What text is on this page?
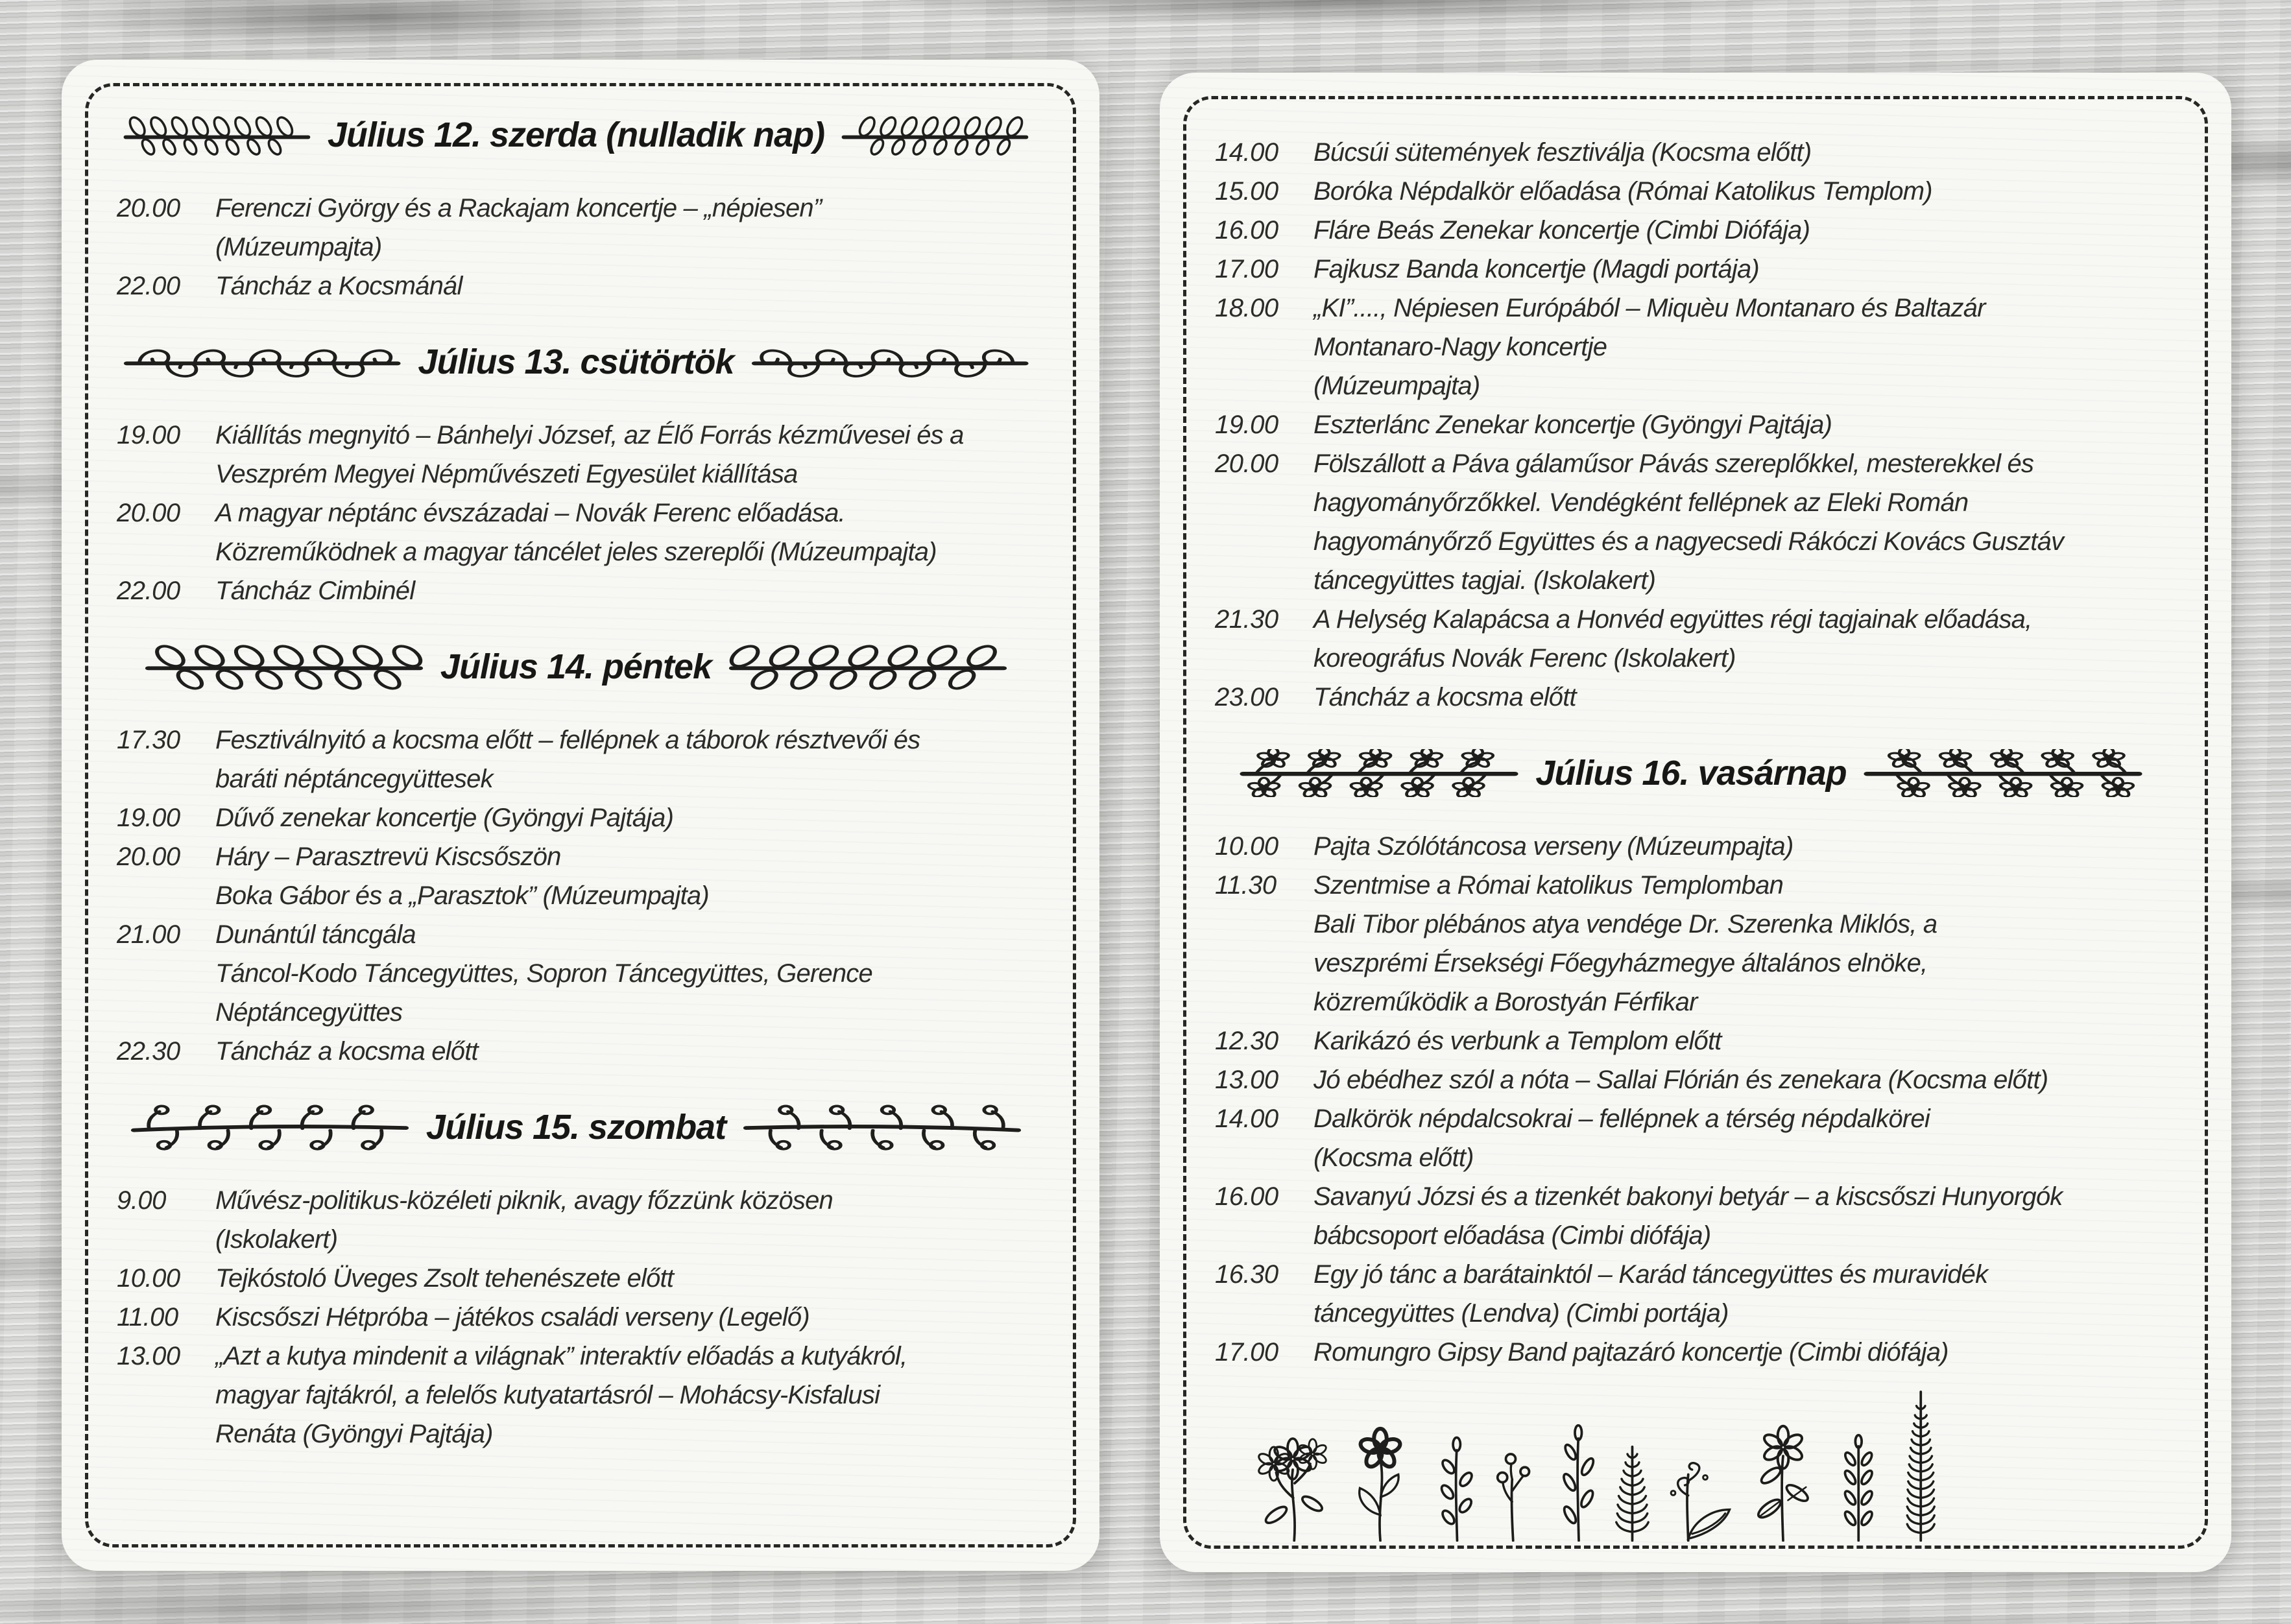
Július 12. szerda (nulladik nap)
20.00	Ferenczi György és a Rackajam koncertje – „népiesen”
(Múzeumpajta)
22.00	Táncház a Kocsmánál
Július 13. csütörtök
19.00	Kiállítás megnyitó – Bánhelyi József, az Élő Forrás kézművesei és a
Veszprém Megyei Népművészeti Egyesület kiállítása
20.00	A magyar néptánc évszázadai – Novák Ferenc előadása.
Közreműködnek a magyar táncélet jeles szereplői (Múzeumpajta)
22.00	Táncház Cimbinél
Július 14. péntek
17.30	Fesztiválnyitó a kocsma előtt – fellépnek a táborok résztvevői és
baráti néptáncegyüttesek
19.00	Dűvő zenekar koncertje (Gyöngyi Pajtája)
20.00	Háry – Parasztrevü Kiscsőszön
Boka Gábor és a „Parasztok” (Múzeumpajta)
21.00	Dunántúl táncgála
Táncol-Kodo Táncegyüttes, Sopron Táncegyüttes, Gerence
Néptáncegyüttes
22.30	Táncház a kocsma előtt
Július 15. szombat
9.00	Művész-politikus-közéleti piknik, avagy főzzünk közösen
(Iskolakert)
10.00	Tejkóstoló Üveges Zsolt tehenészete előtt
11.00	Kiscsőszi Hétpróba – játékos családi verseny (Legelő)
13.00	„Azt a kutya mindenit a világnak” interaktív előadás a kutyákról,
magyar fajtákról, a felelős kutyatartásról – Mohácsy-Kisfalusi
Renáta (Gyöngyi Pajtája)
14.00	Búcsúi sütemények fesztiválja (Kocsma előtt)
15.00	Boróka Népdalkör előadása (Római Katolikus Templom)
16.00	Fláre Beás Zenekar koncertje (Cimbi Diófája)
17.00	Fajkusz Banda koncertje (Magdi portája)
18.00	„KI”...., Népiesen Európából – Miquèu Montanaro és Baltazár
Montanaro-Nagy koncertje
(Múzeumpajta)
19.00	Eszterlánc Zenekar koncertje (Gyöngyi Pajtája)
20.00	Fölszállott a Páva gálaműsor Pávás szereplőkkel, mesterekkel és
hagyományőrzőkkel. Vendégként fellépnek az Eleki Román
hagyományőrző Együttes és a nagyecsedi Rákóczi Kovács Gusztáv
táncegyüttes tagjai. (Iskolakert)
21.30	A Helység Kalapácsa a Honvéd együttes régi tagjainak előadása,
koreográfus Novák Ferenc (Iskolakert)
23.00	Táncház a kocsma előtt
Július 16. vasárnap
10.00	Pajta Szólótáncosa verseny (Múzeumpajta)
11.30	Szentmise a Római katolikus Templomban
Bali Tibor plébános atya vendége Dr. Szerenka Miklós, a
veszprémi Érsekségi Főegyházmegye általános elnöke,
közreműködik a Borostyán Férfikar
12.30	Karikázó és verbunk a Templom előtt
13.00	Jó ebédhez szól a nóta – Sallai Flórián és zenekara (Kocsma előtt)
14.00	Dalkörök népdalcsokrai – fellépnek a térség népdalkörei
(Kocsma előtt)
16.00	Savanyú Józsi és a tizenkét bakonyi betyár – a kiscsőszi Hunyorgók
bábcsoport előadása (Cimbi diófája)
16.30	Egy jó tánc a barátainktól – Karád táncegyüttes és muravidék
táncegyüttes (Lendva) (Cimbi portája)
17.00	Romungro Gipsy Band pajtazáró koncertje (Cimbi diófája)
